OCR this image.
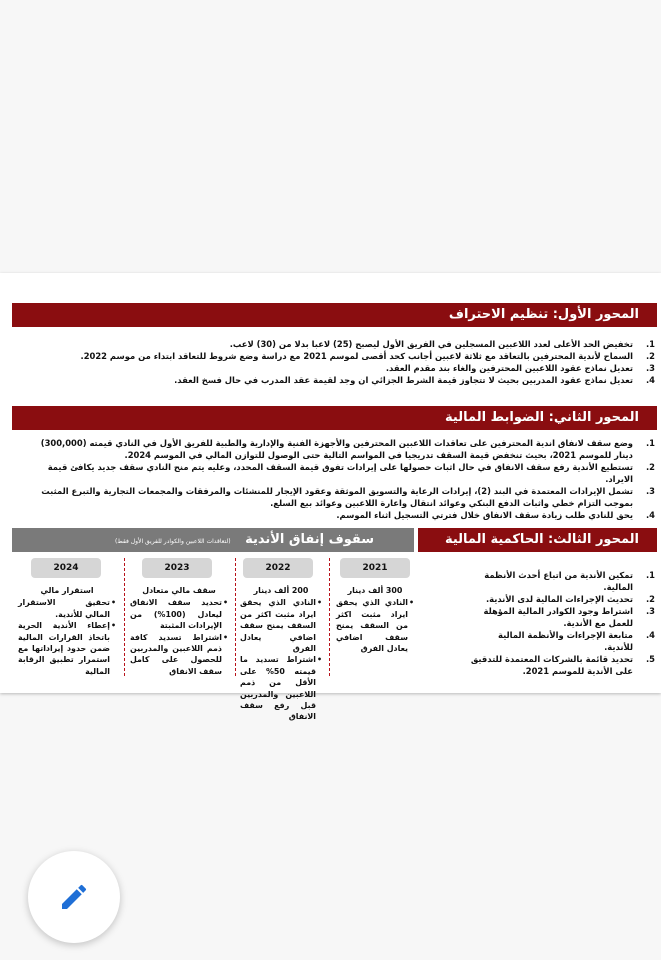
المحور الأول: تنظيم الاحتراف
1.
تخفيض الحد الأعلى لعدد اللاعبين المسجلين في الفريق الأول ليصبح (25) لاعبا بدلا من (30) لاعب.
2.
السماح لأندية المحترفين بالتعاقد مع ثلاثة لاعبين أجانب كحد أقصى لموسم 2021 مع دراسة وضع شروط للتعاقد ابتداء من موسم 2022.
3.
تعديل نماذج عقود اللاعبين المحترفين والغاء بند مقدم العقد.
4.
تعديل نماذج عقود المدربين بحيث لا تتجاوز قيمة الشرط الجزائي ان وجد لقيمة عقد المدرب في حال فسخ العقد.
المحور الثاني: الضوابط المالية
1.
وضع سقف لانفاق اندية المحترفين على تعاقدات اللاعبين المحترفين والأجهزة الفنية والإدارية والطبية للفريق الأول في النادي قيمته (300,000) دينار للموسم 2021، بحيث تنخفض قيمة السقف تدريجيا في المواسم التالية حتى الوصول للتوازن المالي في الموسم 2024.
2.
تستطيع الأندية رفع سقف الانفاق في حال اثبات حصولها على إيرادات تفوق قيمة السقف المحدد، وعليه يتم منح النادي سقف جديد يكافئ قيمة الايراد.
3.
تشمل الإيرادات المعتمدة في البند (2)، إيرادات الرعاية والتسويق الموثقة وعقود الإيجار للمنشئات والمرفقات والمجمعات التجارية والتبرع المثبت بموجب التزام خطي واثبات الدفع البنكي وعوائد انتقال واعارة اللاعبين وعوائد بيع السلع.
4.
يحق للنادي طلب زيادة سقف الانفاق خلال فترتي التسجيل اثناء الموسم.
المحور الثالث: الحاكمية المالية
سقوف إنفاق الأندية (لتعاقدات اللاعبين والكوادر للفريق الأول فقط)
1.
تمكين الأندية من اتباع أحدث الأنظمة المالية.
2.
تحديث الإجراءات المالية لدى الأندية.
3.
اشتراط وجود الكوادر المالية المؤهلة للعمل مع الأندية.
4.
متابعة الإجراءات والأنظمة المالية للأندية.
5.
تحديد قائمة بالشركات المعتمدة للتدقيق على الأندية للموسم 2021.
2021
2022
2023
2024
300 ألف دينار
• النادي الذي يحقق ايراد مثبت اكثر من السقف يمنح سقف اضافي يعادل الفرق
200 ألف دينار
• النادي الذي يحقق ايراد مثبت اكثر من السقف يمنح سقف اضافي يعادل الفرق
• اشتراط تسديد ما قيمته 50% على الأقل من ذمم اللاعبين والمدربين قبل رفع سقف الانفاق
سقف مالي متعادل
• تحديد سقف الانفاق ليعادل (100%) من الإيرادات المثبتة
• اشتراط تسديد كافة ذمم اللاعبين والمدربين للحصول على كامل سقف الانفاق
استقرار مالي
• تحقيق الاستقرار المالي للأندية.
• إعطاء الأندية الحرية باتخاذ القرارات المالية ضمن حدود إيراداتها مع استمرار تطبيق الرقابة المالية
